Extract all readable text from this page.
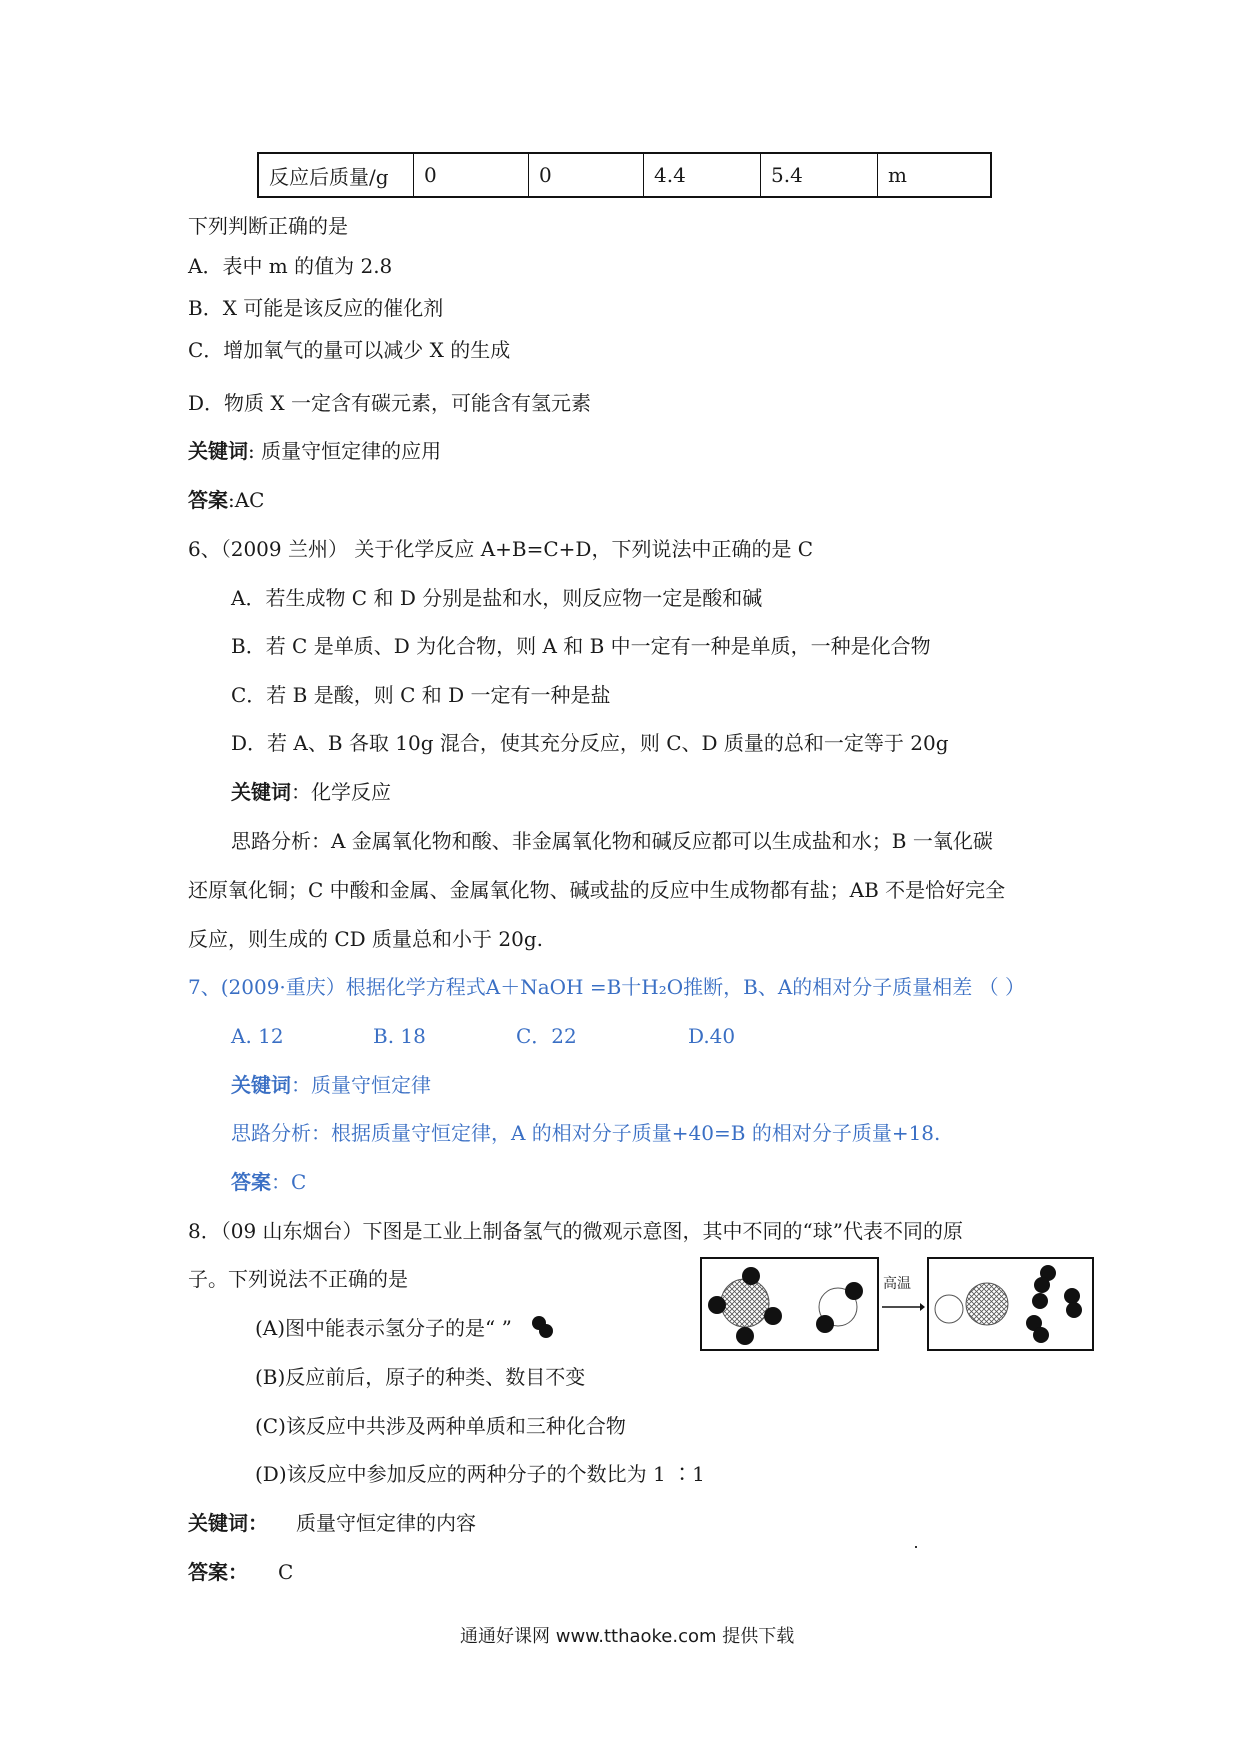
反应后质量/g	0	0	4.4	5.4	m
下列判断正确的是
A．表中 m 的值为 2.8
B．X 可能是该反应的催化剂
C．增加氧气的量可以减少 X 的生成
D．物质 X 一定含有碳元素，可能含有氢元素
关键词: 质量守恒定律的应用
答案:AC
6、（2009 兰州） 关于化学反应 A+B=C+D，下列说法中正确的是 C
A．若生成物 C 和 D 分别是盐和水，则反应物一定是酸和碱
B．若 C 是单质、D 为化合物，则 A 和 B 中一定有一种是单质，一种是化合物
C．若 B 是酸，则 C 和 D 一定有一种是盐
D．若 A、B 各取 10g 混合，使其充分反应，则 C、D 质量的总和一定等于 20g
关键词：化学反应
思路分析：A 金属氧化物和酸、非金属氧化物和碱反应都可以生成盐和水；B 一氧化碳
还原氧化铜；C 中酸和金属、金属氧化物、碱或盐的反应中生成物都有盐；AB 不是恰好完全
反应，则生成的 CD 质量总和小于 20g.
7、(2009·重庆）根据化学方程式A＋NaOH =B十H₂O推断，B、A的相对分子质量相差 （ ）
A. 12	B. 18	C．22	D.40
关键词：质量守恒定律
思路分析：根据质量守恒定律，A 的相对分子质量+40=B 的相对分子质量+18.
答案：C
8．（09 山东烟台）下图是工业上制备氢气的微观示意图，其中不同的“球”代表不同的原
子。下列说法不正确的是
(A)图中能表示氢分子的是“ ”
(B)反应前后，原子的种类、数目不变
(C)该反应中共涉及两种单质和三种化合物
(D)该反应中参加反应的两种分子的个数比为 1 ∶1
高温
关键词： 质量守恒定律的内容
答案： C
通通好课网 www.tthaoke.com 提供下载
